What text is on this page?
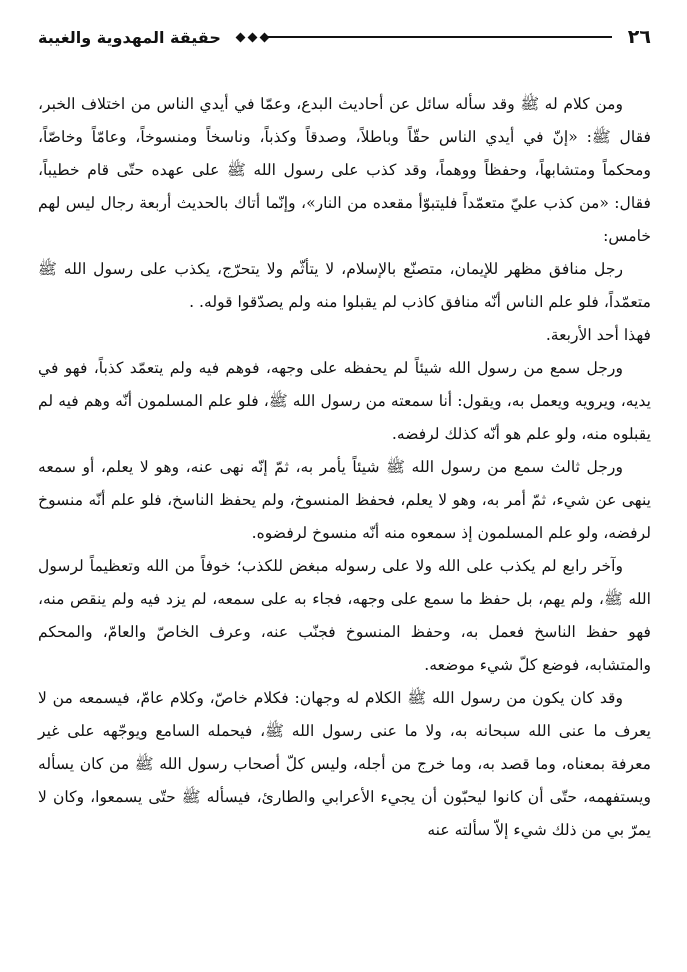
٢٦
حقيقة المهدوية والغيبة

ومن كلام له ﷺ وقد سأله سائل عن أحاديث البدع، وعمّا في أيدي الناس من اختلاف الخبر، فقال ﷺ: «إنّ في أيدي الناس حقّاً وباطلاً، وصدقاً وكذباً، وناسخاً ومنسوخاً، وعامّاً وخاصّاً، ومحكماً ومتشابهاً، وحفظاً ووهماً، وقد كذب على رسول الله ﷺ على عهده حتّى قام خطيباً، فقال: «من كذب عليّ متعمّداً فليتبوّأ مقعده من النار»، وإنّما أتاك بالحديث أربعة رجال ليس لهم خامس:

رجل منافق مظهر للإيمان، متصنّع بالإسلام، لا يتأثّم ولا يتحرّج، يكذب على رسول الله ﷺ متعمّداً، فلو علم الناس أنّه منافق كاذب لم يقبلوا منه ولم يصدّقوا قوله. .

فهذا أحد الأربعة.

ورجل سمع من رسول الله شيئاً لم يحفظه على وجهه، فوهم فيه ولم يتعمّد كذباً، فهو في يديه، ويرويه ويعمل به، ويقول: أنا سمعته من رسول الله ﷺ، فلو علم المسلمون أنّه وهم فيه لم يقبلوه منه، ولو علم هو أنّه كذلك لرفضه.

ورجل ثالث سمع من رسول الله ﷺ شيئاً يأمر به، ثمّ إنّه نهى عنه، وهو لا يعلم، أو سمعه ينهى عن شيء، ثمّ أمر به، وهو لا يعلم، فحفظ المنسوخ، ولم يحفظ الناسخ، فلو علم أنّه منسوخ لرفضه، ولو علم المسلمون إذ سمعوه منه أنّه منسوخ لرفضوه.

وآخر رابع لم يكذب على الله ولا على رسوله مبغض للكذب؛ خوفاً من الله وتعظيماً لرسول الله ﷺ، ولم يهم، بل حفظ ما سمع على وجهه، فجاء به على سمعه، لم يزد فيه ولم ينقص منه، فهو حفظ الناسخ فعمل به، وحفظ المنسوخ فجنّب عنه، وعرف الخاصّ والعامّ، والمحكم والمتشابه، فوضع كلّ شيء موضعه.

وقد كان يكون من رسول الله ﷺ الكلام له وجهان: فكلام خاصّ، وكلام عامّ، فيسمعه من لا يعرف ما عنى الله سبحانه به، ولا ما عنى رسول الله ﷺ، فيحمله السامع ويوجّهه على غير معرفة بمعناه، وما قصد به، وما خرج من أجله، وليس كلّ أصحاب رسول الله ﷺ من كان يسأله ويستفهمه، حتّى أن كانوا ليحبّون أن يجيء الأعرابي والطارئ، فيسأله ﷺ حتّى يسمعوا، وكان لا يمرّ بي من ذلك شيء إلاّ سألته عنه
